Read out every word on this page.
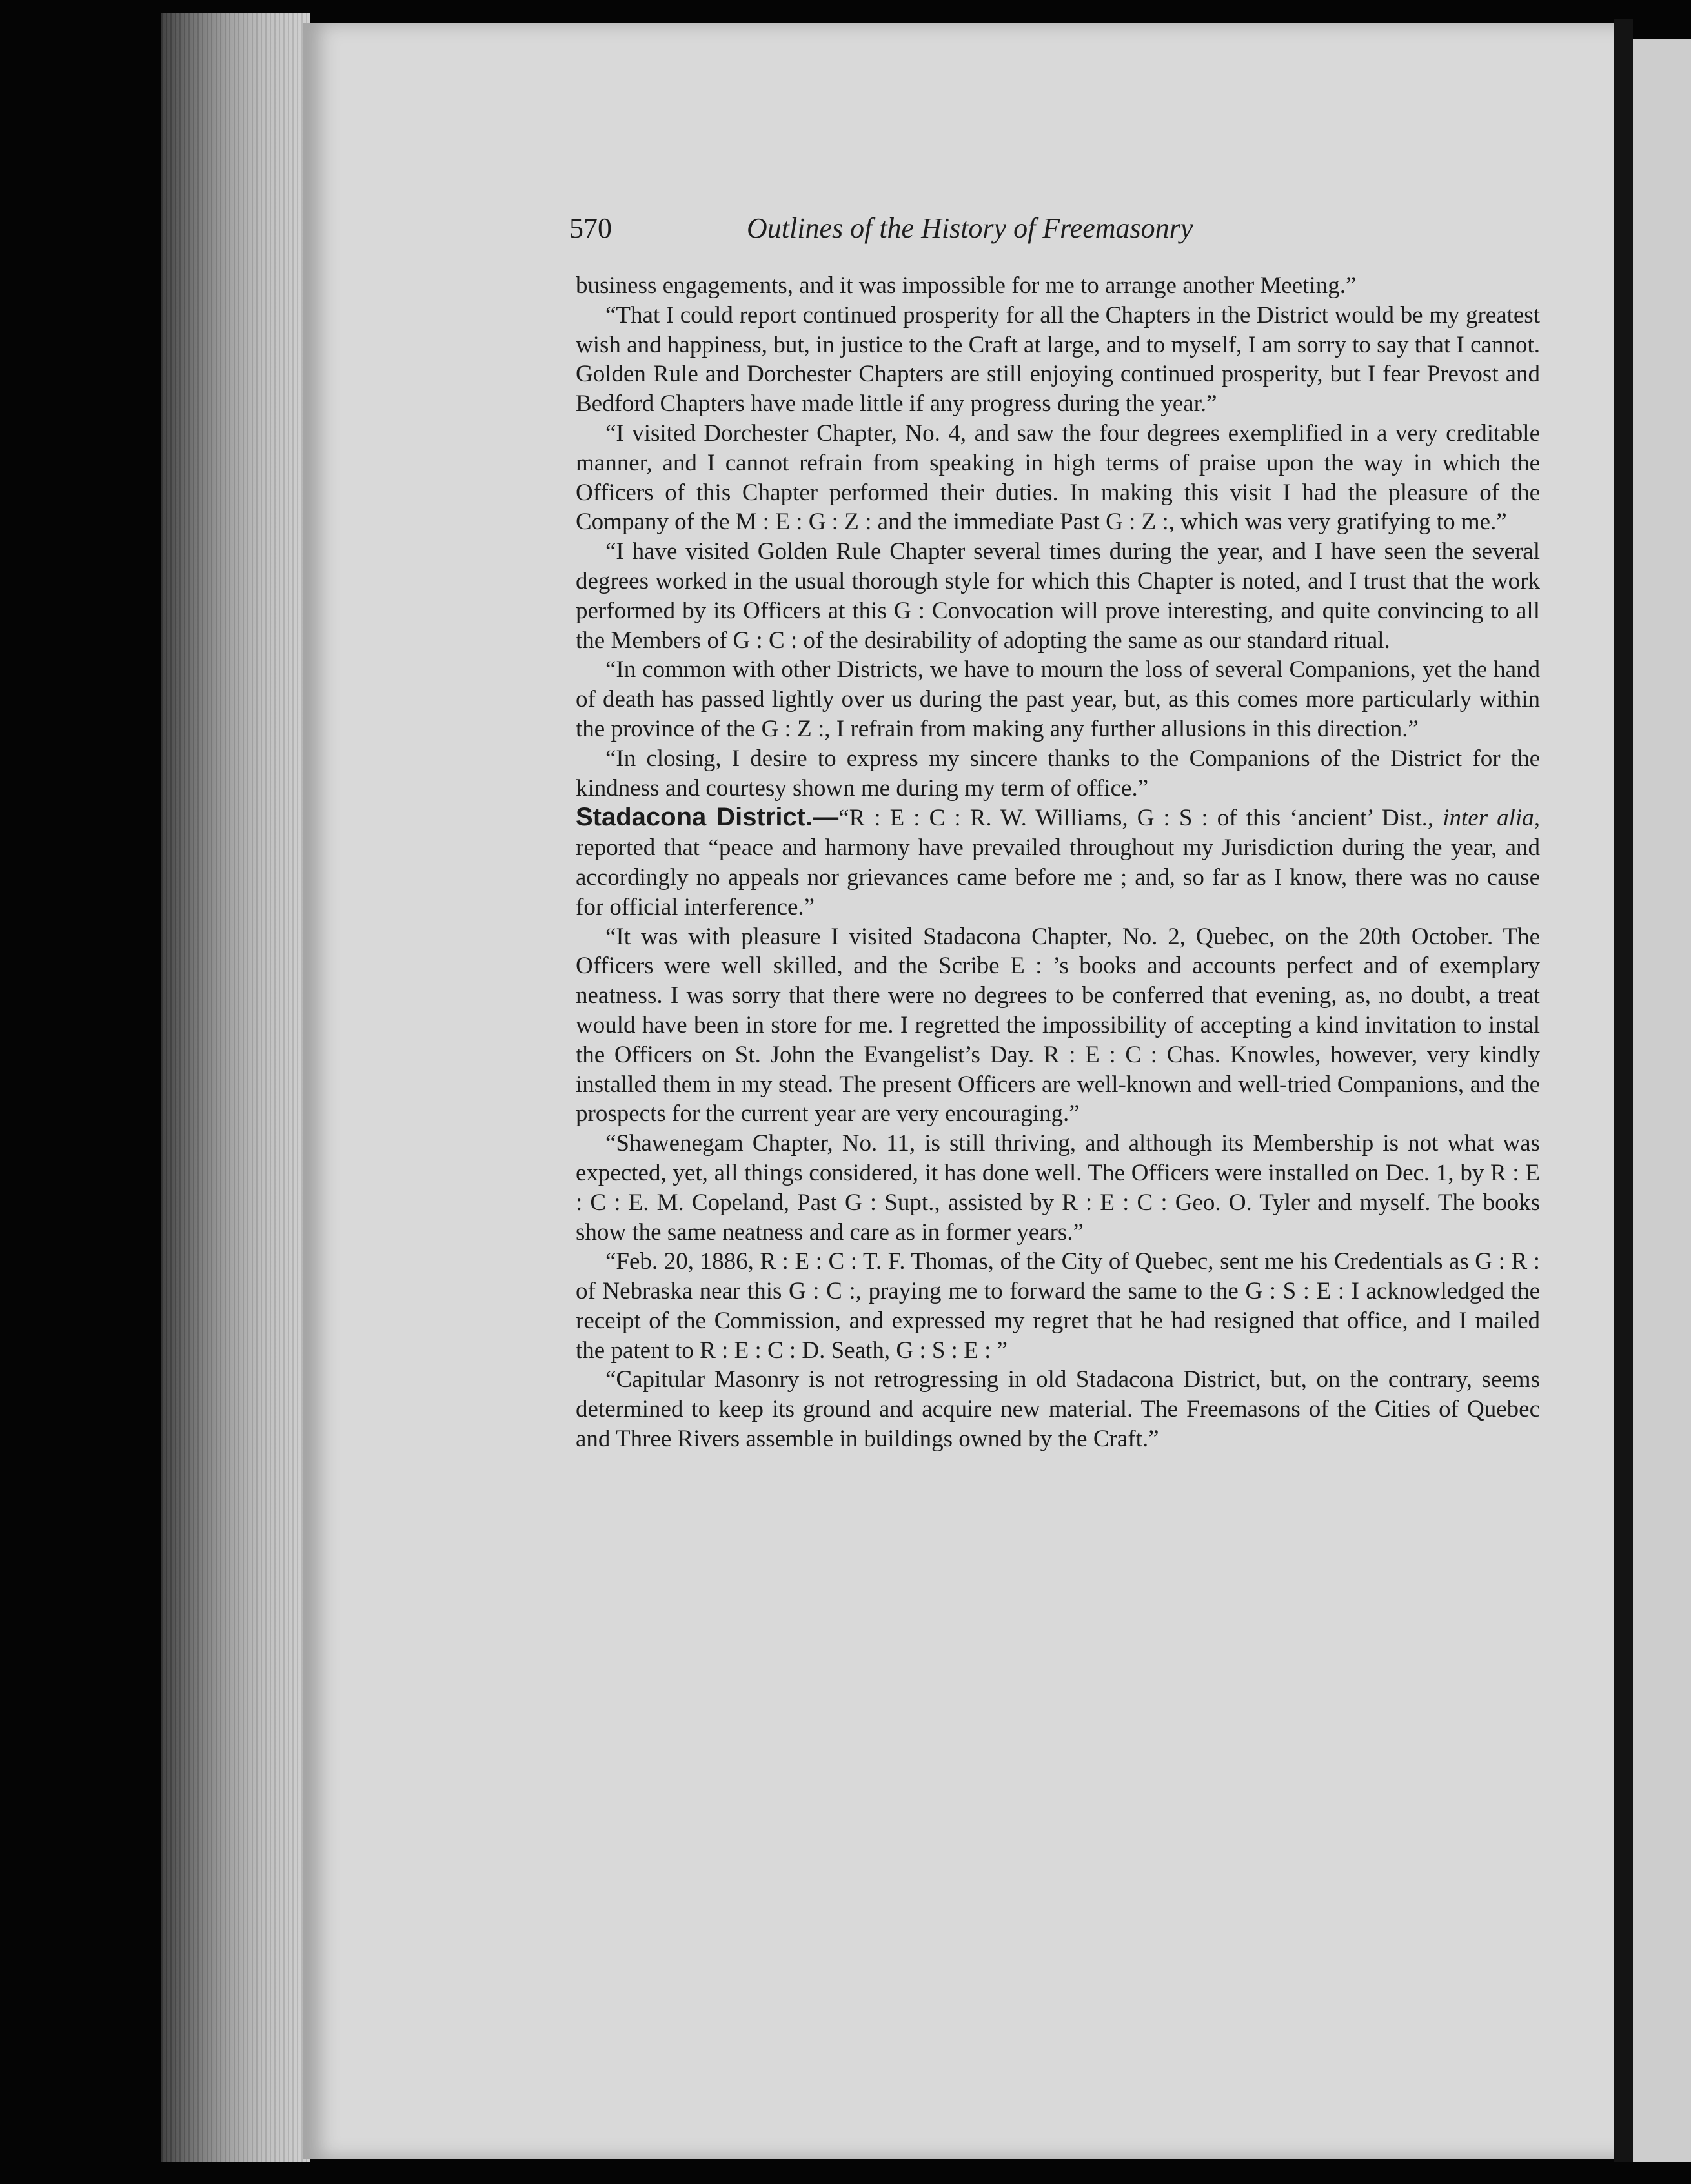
570	Outlines of the History of Freemasonry

business engagements, and it was impossible for me to arrange another Meeting.”

“That I could report continued prosperity for all the Chapters in the District would be my greatest wish and happiness, but, in justice to the Craft at large, and to myself, I am sorry to say that I cannot. Golden Rule and Dorchester Chapters are still enjoying continued prosperity, but I fear Prevost and Bedford Chapters have made little if any progress during the year.”

“I visited Dorchester Chapter, No. 4, and saw the four degrees exemplified in a very creditable manner, and I cannot refrain from speaking in high terms of praise upon the way in which the Officers of this Chapter performed their duties. In making this visit I had the pleasure of the Company of the M : E : G : Z : and the immediate Past G : Z :, which was very gratifying to me.”

“I have visited Golden Rule Chapter several times during the year, and I have seen the several degrees worked in the usual thorough style for which this Chapter is noted, and I trust that the work performed by its Officers at this G : Convocation will prove interesting, and quite convincing to all the Members of G : C : of the desirability of adopting the same as our standard ritual.

“In common with other Districts, we have to mourn the loss of several Companions, yet the hand of death has passed lightly over us during the past year, but, as this comes more particularly within the province of the G : Z :, I refrain from making any further allusions in this direction.”

“In closing, I desire to express my sincere thanks to the Companions of the District for the kindness and courtesy shown me during my term of office.”

Stadacona District.—“R : E : C : R. W. Williams, G : S : of this ‘ancient’ Dist., inter alia, reported that “peace and harmony have prevailed throughout my Jurisdiction during the year, and accordingly no appeals nor grievances came before me ; and, so far as I know, there was no cause for official interference.”

“It was with pleasure I visited Stadacona Chapter, No. 2, Quebec, on the 20th October. The Officers were well skilled, and the Scribe E : ’s books and accounts perfect and of exemplary neatness. I was sorry that there were no degrees to be conferred that evening, as, no doubt, a treat would have been in store for me. I regretted the impossibility of accepting a kind invitation to instal the Officers on St. John the Evangelist’s Day. R : E : C : Chas. Knowles, however, very kindly installed them in my stead. The present Officers are well-known and well-tried Companions, and the prospects for the current year are very encouraging.”

“Shawenegam Chapter, No. 11, is still thriving, and although its Membership is not what was expected, yet, all things considered, it has done well. The Officers were installed on Dec. 1, by R : E : C : E. M. Copeland, Past G : Supt., assisted by R : E : C : Geo. O. Tyler and myself. The books show the same neatness and care as in former years.”

“Feb. 20, 1886, R : E : C : T. F. Thomas, of the City of Quebec, sent me his Credentials as G : R : of Nebraska near this G : C :, praying me to forward the same to the G : S : E : I acknowledged the receipt of the Commission, and expressed my regret that he had resigned that office, and I mailed the patent to R : E : C : D. Seath, G : S : E : ”

“Capitular Masonry is not retrogressing in old Stadacona District, but, on the contrary, seems determined to keep its ground and acquire new material. The Freemasons of the Cities of Quebec and Three Rivers assemble in buildings owned by the Craft.”
